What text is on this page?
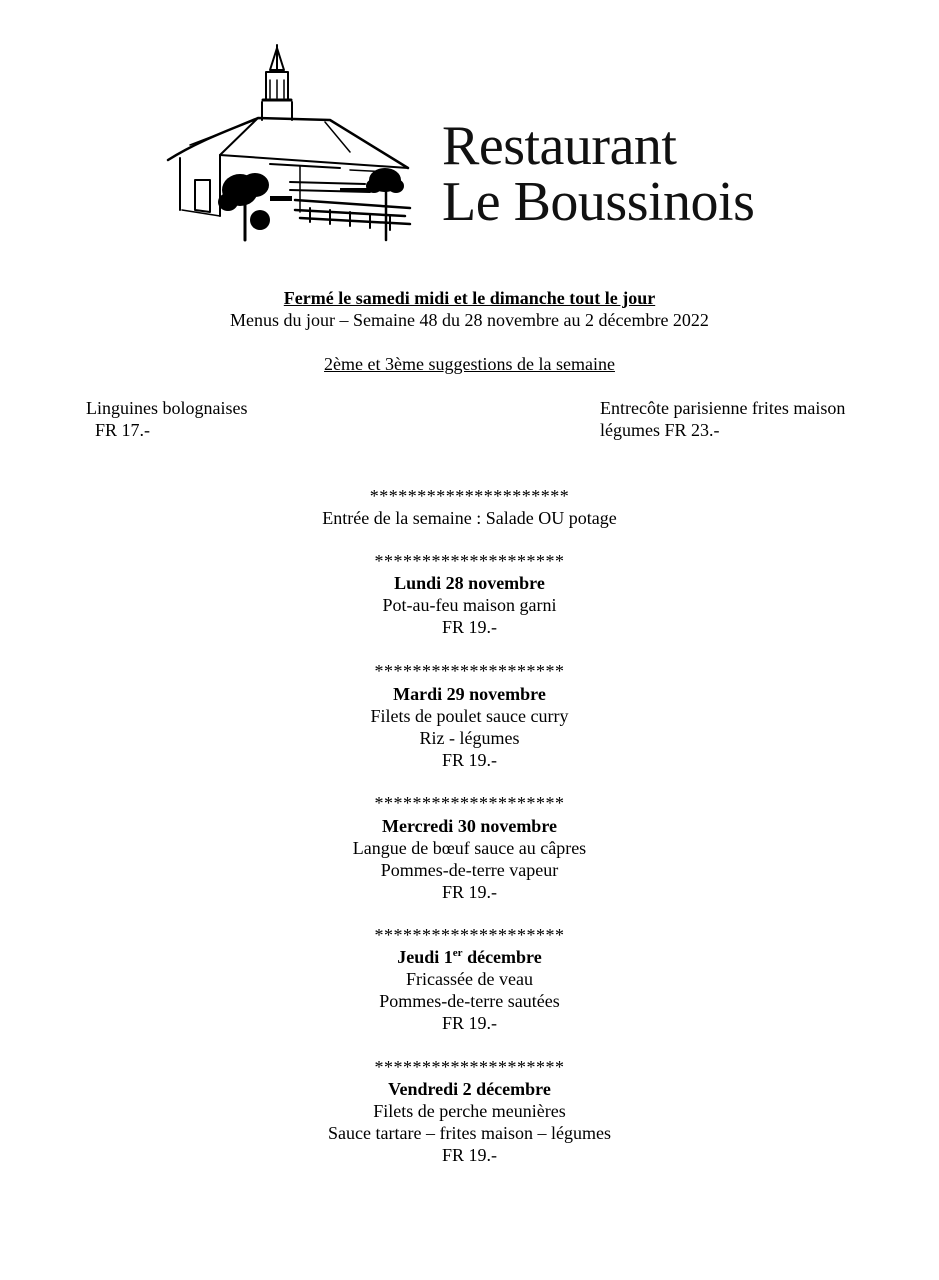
Restaurant
Le Boussinois
Fermé le samedi midi et le dimanche tout le jour
Menus du jour – Semaine 48 du 28 novembre au 2 décembre 2022
2ème et 3ème suggestions de la semaine
Linguines bolognaises
FR 17.-
Entrecôte parisienne frites maison
légumes FR 23.-
*********************
Entrée de la semaine : Salade OU potage
********************
Lundi 28 novembre
Pot-au-feu maison garni
FR 19.-
********************
Mardi 29 novembre
Filets de poulet sauce curry
Riz - légumes
FR 19.-
********************
Mercredi 30 novembre
Langue de bœuf sauce au câpres
Pommes-de-terre vapeur
FR 19.-
********************
Jeudi 1er décembre
Fricassée de veau
Pommes-de-terre sautées
FR 19.-
********************
Vendredi 2 décembre
Filets de perche meunières
Sauce tartare – frites maison – légumes
FR 19.-
